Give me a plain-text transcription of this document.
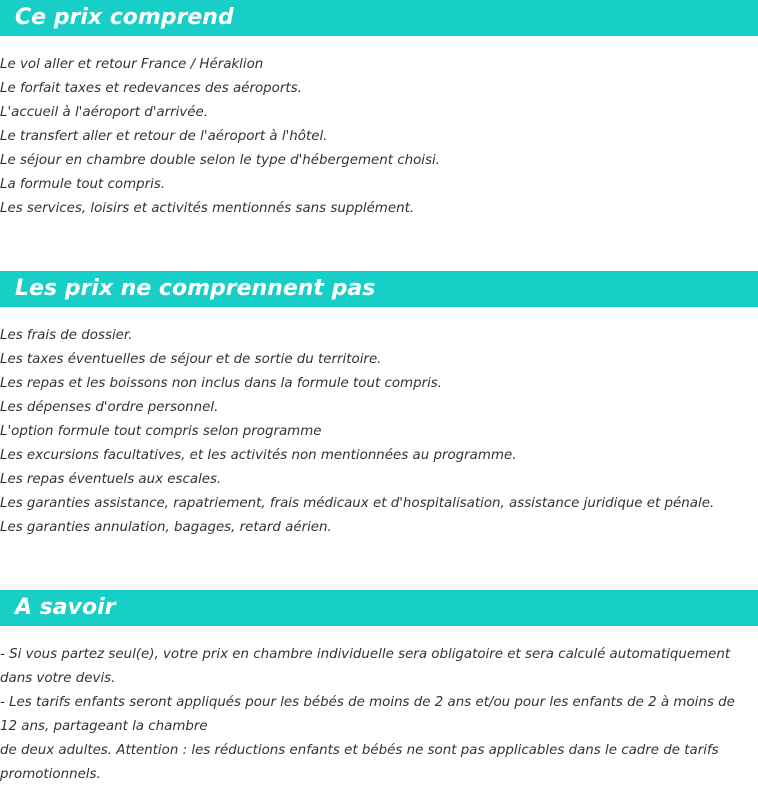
Ce prix comprend
Le vol aller et retour France / Héraklion
Le forfait taxes et redevances des aéroports.
L'accueil à l'aéroport d'arrivée.
Le transfert aller et retour de l'aéroport à l'hôtel.
Le séjour en chambre double selon le type d'hébergement choisi.
La formule tout compris.
Les services, loisirs et activités mentionnés sans supplément.
Les prix ne comprennent pas
Les frais de dossier.
Les taxes éventuelles de séjour et de sortie du territoire.
Les repas et les boissons non inclus dans la formule tout compris.
Les dépenses d'ordre personnel.
L'option formule tout compris selon programme
Les excursions facultatives, et les activités non mentionnées au programme.
Les repas éventuels aux escales.
Les garanties assistance, rapatriement, frais médicaux et d'hospitalisation, assistance juridique et pénale.
Les garanties annulation, bagages, retard aérien.
A savoir

- Si vous partez seul(e), votre prix en chambre individuelle sera obligatoire et sera calculé automatiquement dans votre devis.

- Les tarifs enfants seront appliqués pour les bébés de moins de 2 ans et/ou pour les enfants de 2 à moins de 12 ans, partageant la chambre

de deux adultes. Attention : les réductions enfants et bébés ne sont pas applicables dans le cadre de tarifs promotionnels.
